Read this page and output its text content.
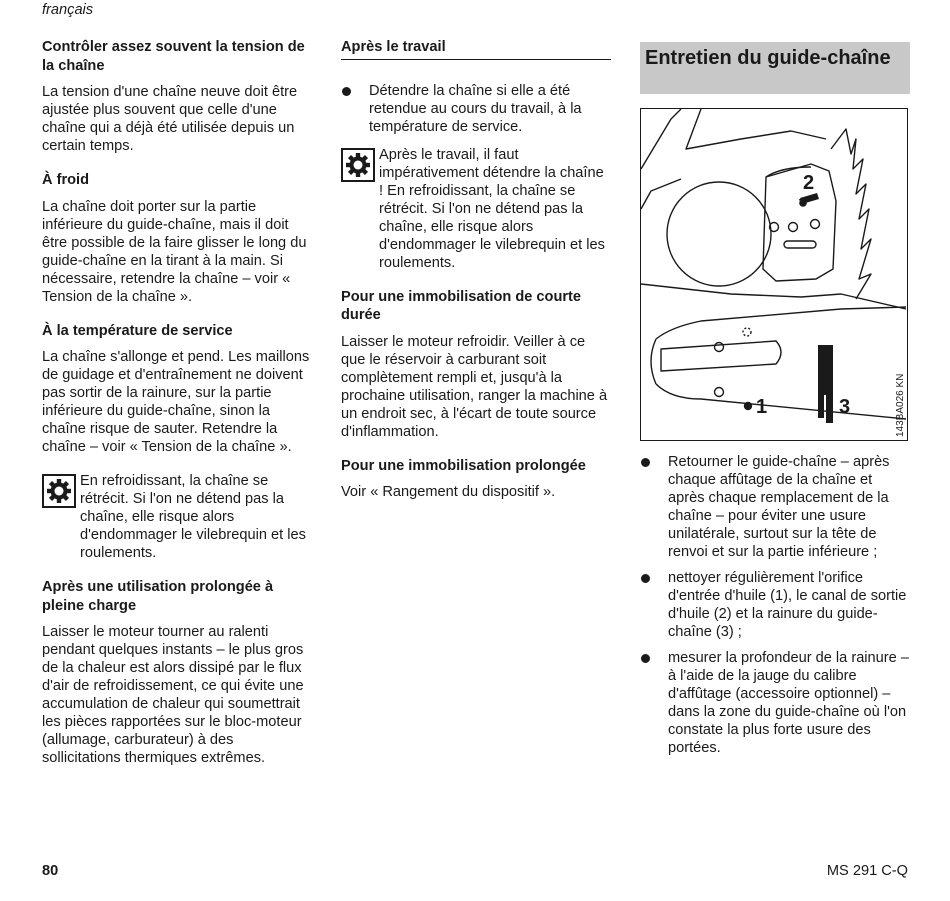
français
Contrôler assez souvent la tension de la chaîne

La tension d'une chaîne neuve doit être ajustée plus souvent que celle d'une chaîne qui a déjà été utilisée depuis un certain temps.

À froid

La chaîne doit porter sur la partie inférieure du guide-chaîne, mais il doit être possible de la faire glisser le long du guide-chaîne en la tirant à la main. Si nécessaire, retendre la chaîne – voir « Tension de la chaîne ».

À la température de service

La chaîne s'allonge et pend. Les maillons de guidage et d'entraînement ne doivent pas sortir de la rainure, sur la partie inférieure du guide-chaîne, sinon la chaîne risque de sauter. Retendre la chaîne – voir « Tension de la chaîne ».

En refroidissant, la chaîne se rétrécit. Si l'on ne détend pas la chaîne, elle risque alors d'endommager le vilebrequin et les roulements.

Après une utilisation prolongée à pleine charge

Laisser le moteur tourner au ralenti pendant quelques instants – le plus gros de la chaleur est alors dissipé par le flux d'air de refroidissement, ce qui évite une accumulation de chaleur qui soumettrait les pièces rapportées sur le bloc-moteur (allumage, carburateur) à des sollicitations thermiques extrêmes.

Après le travail
Détendre la chaîne si elle a été retendue au cours du travail, à la température de service.

Après le travail, il faut impérativement détendre la chaîne ! En refroidissant, la chaîne se rétrécit. Si l'on ne détend pas la chaîne, elle risque alors d'endommager le vilebrequin et les roulements.

Pour une immobilisation de courte durée

Laisser le moteur refroidir. Veiller à ce que le réservoir à carburant soit complètement rempli et, jusqu'à la prochaine utilisation, ranger la machine à un endroit sec, à l'écart de toute source d'inflammation.

Pour une immobilisation prolongée

Voir « Rangement du dispositif ».

Entretien du guide-chaîne
2
1	3	143BA026 KN
Retourner le guide-chaîne – après chaque affûtage de la chaîne et après chaque remplacement de la chaîne – pour éviter une usure unilatérale, surtout sur la tête de renvoi et sur la partie inférieure ;
nettoyer régulièrement l'orifice d'entrée d'huile (1), le canal de sortie d'huile (2) et la rainure du guide-chaîne (3) ;
mesurer la profondeur de la rainure – à l'aide de la jauge du calibre d'affûtage (accessoire optionnel) – dans la zone du guide-chaîne où l'on constate la plus forte usure des portées.
80	MS 291 C-Q
